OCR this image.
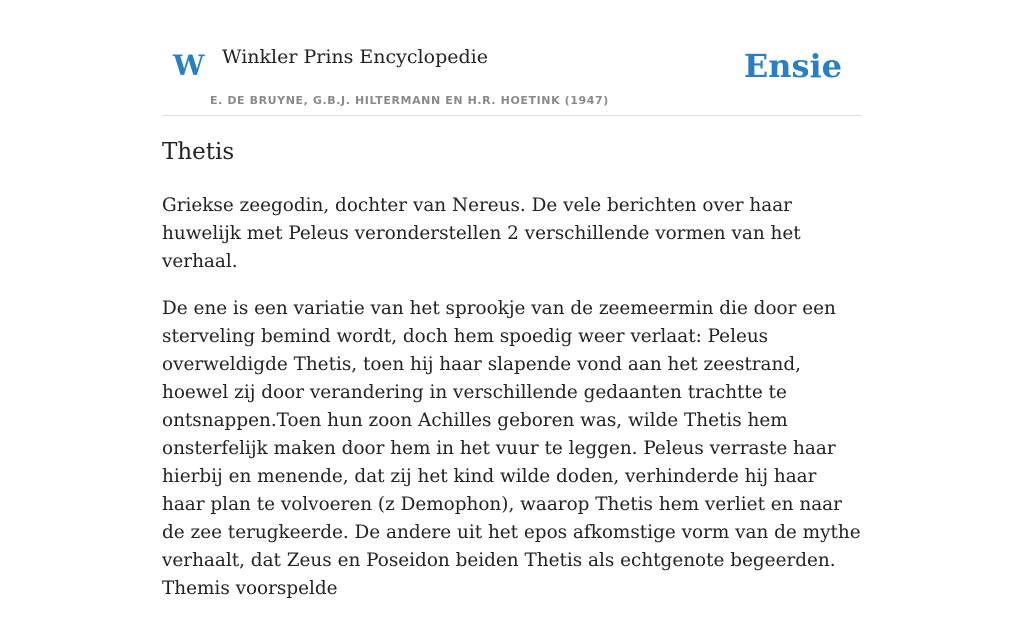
W Winkler Prins Encyclopedie
E. DE BRUYNE, G.B.J. HILTERMANN EN H.R. HOETINK (1947)
Ensie
Thetis

Griekse zeegodin, dochter van Nereus. De vele berichten over haar huwelijk met Peleus veronderstellen 2 verschillende vormen van het verhaal.

De ene is een variatie van het sprookje van de zeemeermin die door een sterveling bemind wordt, doch hem spoedig weer verlaat: Peleus overweldigde Thetis, toen hij haar slapende vond aan het zeestrand, hoewel zij door verandering in verschillende gedaanten trachtte te ontsnappen.Toen hun zoon Achilles geboren was, wilde Thetis hem onsterfelijk maken door hem in het vuur te leggen. Peleus verraste haar hierbij en menende, dat zij het kind wilde doden, verhinderde hij haar haar plan te volvoeren (z Demophon), waarop Thetis hem verliet en naar de zee terugkeerde. De andere uit het epos afkomstige vorm van de mythe verhaalt, dat Zeus en Poseidon beiden Thetis als echtgenote begeerden. Themis voorspelde
